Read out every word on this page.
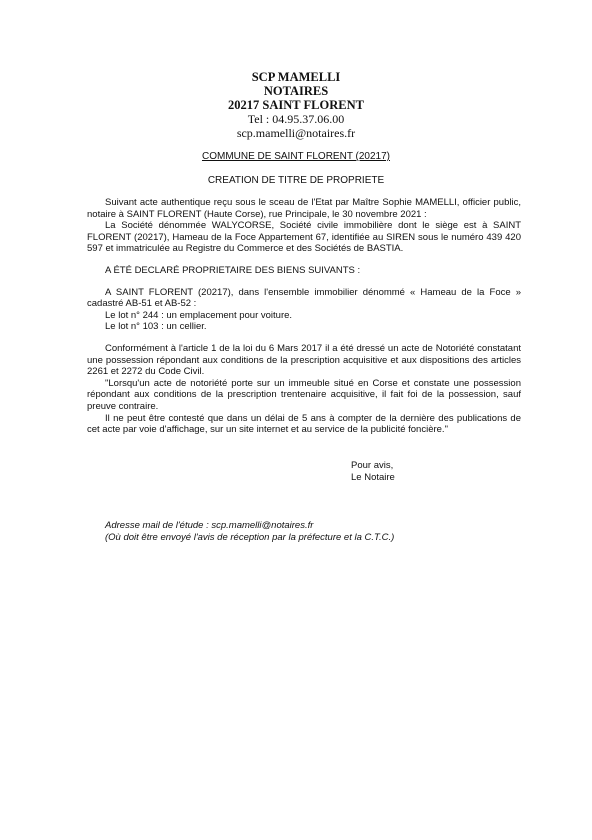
SCP MAMELLI
NOTAIRES
20217 SAINT FLORENT
Tel : 04.95.37.06.00
scp.mamelli@notaires.fr
COMMUNE DE SAINT FLORENT (20217)
CREATION DE TITRE DE PROPRIETE

Suivant acte authentique reçu sous le sceau de l'Etat par Maître Sophie MAMELLI, officier public, notaire à SAINT FLORENT (Haute Corse), rue Principale, le 30 novembre 2021 :

La Société dénommée WALYCORSE, Société civile immobilière dont le siège est à SAINT FLORENT (20217), Hameau de la Foce Appartement 67, identifiée au SIREN sous le numéro 439 420 597 et immatriculée au Registre du Commerce et des Sociétés de BASTIA.

A ÉTÉ DECLARÉ PROPRIETAIRE DES BIENS SUIVANTS :

A SAINT FLORENT (20217), dans l'ensemble immobilier dénommé « Hameau de la Foce » cadastré AB-51 et AB-52 :

Le lot n° 244 : un emplacement pour voiture.

Le lot n° 103 : un cellier.

Conformément à l'article 1 de la loi du 6 Mars 2017 il a été dressé un acte de Notoriété constatant une possession répondant aux conditions de la prescription acquisitive et aux dispositions des articles 2261 et 2272 du Code Civil.

"Lorsqu'un acte de notoriété porte sur un immeuble situé en Corse et constate une possession répondant aux conditions de la prescription trentenaire acquisitive, il fait foi de la possession, sauf preuve contraire.

Il ne peut être contesté que dans un délai de 5 ans à compter de la dernière des publications de cet acte par voie d'affichage, sur un site internet et au service de la publicité foncière."

Pour avis,
Le Notaire
Adresse mail de l'étude : scp.mamelli@notaires.fr
(Où doit être envoyé l'avis de réception par la préfecture et la C.T.C.)
